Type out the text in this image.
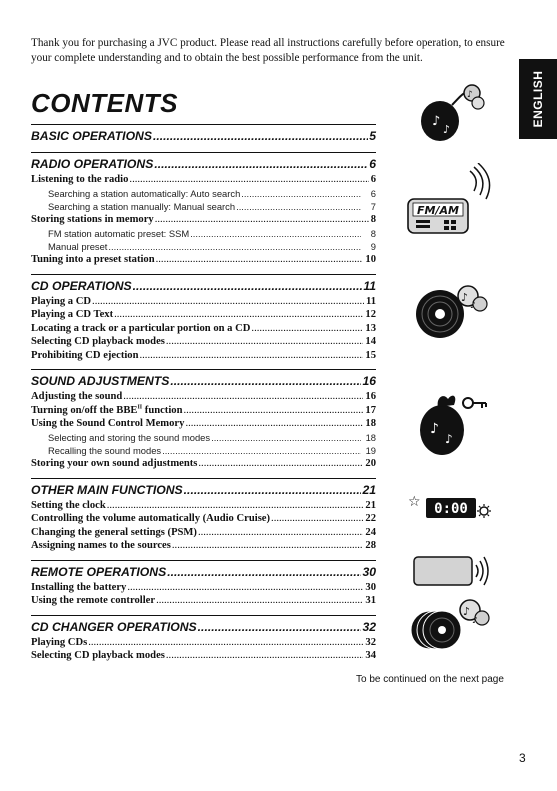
Thank you for purchasing a JVC product. Please read all instructions carefully before operation, to ensure your complete understanding and to obtain the best possible performance from the unit.
ENGLISH
CONTENTS
BASIC OPERATIONS .....	5
RADIO OPERATIONS .....	6
Listening to the radio .....	6
Searching a station automatically: Auto search .....	6
Searching a station manually: Manual search .....	7
Storing stations in memory .....	8
FM station automatic preset: SSM .....	8
Manual preset .....	9
Tuning into a preset station .....	10
CD OPERATIONS .....	11
Playing a CD .....	11
Playing a CD Text .....	12
Locating a track or a particular portion on a CD .....	13
Selecting CD playback modes .....	14
Prohibiting CD ejection .....	15
SOUND ADJUSTMENTS .....	16
Adjusting the sound .....	16
Turning on/off the $BBE^{II}$ function .....	17
Using the Sound Control Memory .....	18
Selecting and storing the sound modes .....	18
Recalling the sound modes .....	19
Storing your own sound adjustments .....	20
OTHER MAIN FUNCTIONS .....	21
Setting the clock .....	21
Controlling the volume automatically (Audio Cruise) .....	22
Changing the general settings (PSM) .....	24
Assigning names to the sources .....	28
REMOTE OPERATIONS .....	30
Installing the battery .....	30
Using the remote controller .....	31
CD CHANGER OPERATIONS .....	32
Playing CDs .....	32
Selecting CD playback modes .....	34
♪
♪
♪
FM/AM
♪
♪
♪
♪
☆ 0:00
♪
♪
To be continued on the next page
3
